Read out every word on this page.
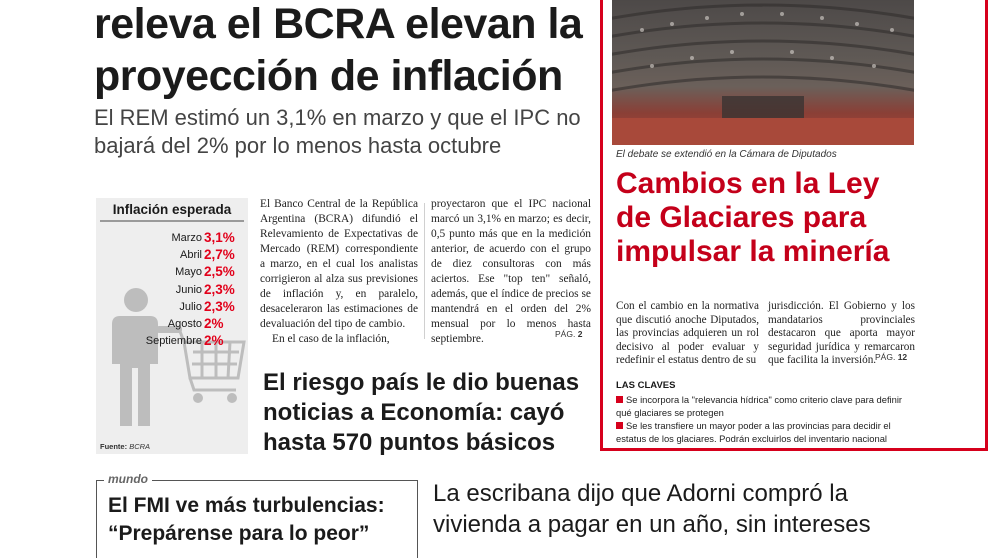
releva el BCRA elevan la proyección de inflación
El REM estimó un 3,1% en marzo y que el IPC no bajará del 2% por lo menos hasta octubre
Inflación esperada
Marzo 3,1%
Abril 2,7%
Mayo 2,5%
Junio 2,3%
Julio 2,3%
Agosto 2%
Septiembre 2%
Fuente: BCRA
El Banco Central de la República Argentina (BCRA) difundió el Relevamiento de Expectativas de Mercado (REM) correspondiente a marzo, en el cual los analistas corrigieron al alza sus previsiones de inflación y, en paralelo, desaceleraron las estimaciones de devaluación del tipo de cambio.
En el caso de la inflación,
proyectaron que el IPC nacional marcó un 3,1% en marzo; es decir, 0,5 punto más que en la medición anterior, de acuerdo con el grupo de diez consultoras con más aciertos. Ese "top ten" señaló, además, que el índice de precios se mantendrá en el orden del 2% mensual por lo menos hasta septiembre.	PÁG. 2
El riesgo país le dio buenas noticias a Economía: cayó hasta 570 puntos básicos
El debate se extendió en la Cámara de Diputados
Cambios en la Ley de Glaciares para impulsar la minería
Con el cambio en la normativa que discutió anoche Diputados, las provincias adquieren un rol decisivo al poder evaluar y redefinir el estatus dentro de su
jurisdicción. El Gobierno y los mandatarios provinciales destacaron que aporta mayor seguridad jurídica y remarcaron que facilita la inversión.
PÁG. 12
LAS CLAVES
Se incorpora la "relevancia hídrica" como criterio clave para definir qué glaciares se protegen
Se les transfiere un mayor poder a las provincias para decidir el estatus de los glaciares. Podrán excluirlos del inventario nacional
mundo
El FMI ve más turbulencias: “Prepárense para lo peor”
La escribana dijo que Adorni compró la vivienda a pagar en un año, sin intereses
